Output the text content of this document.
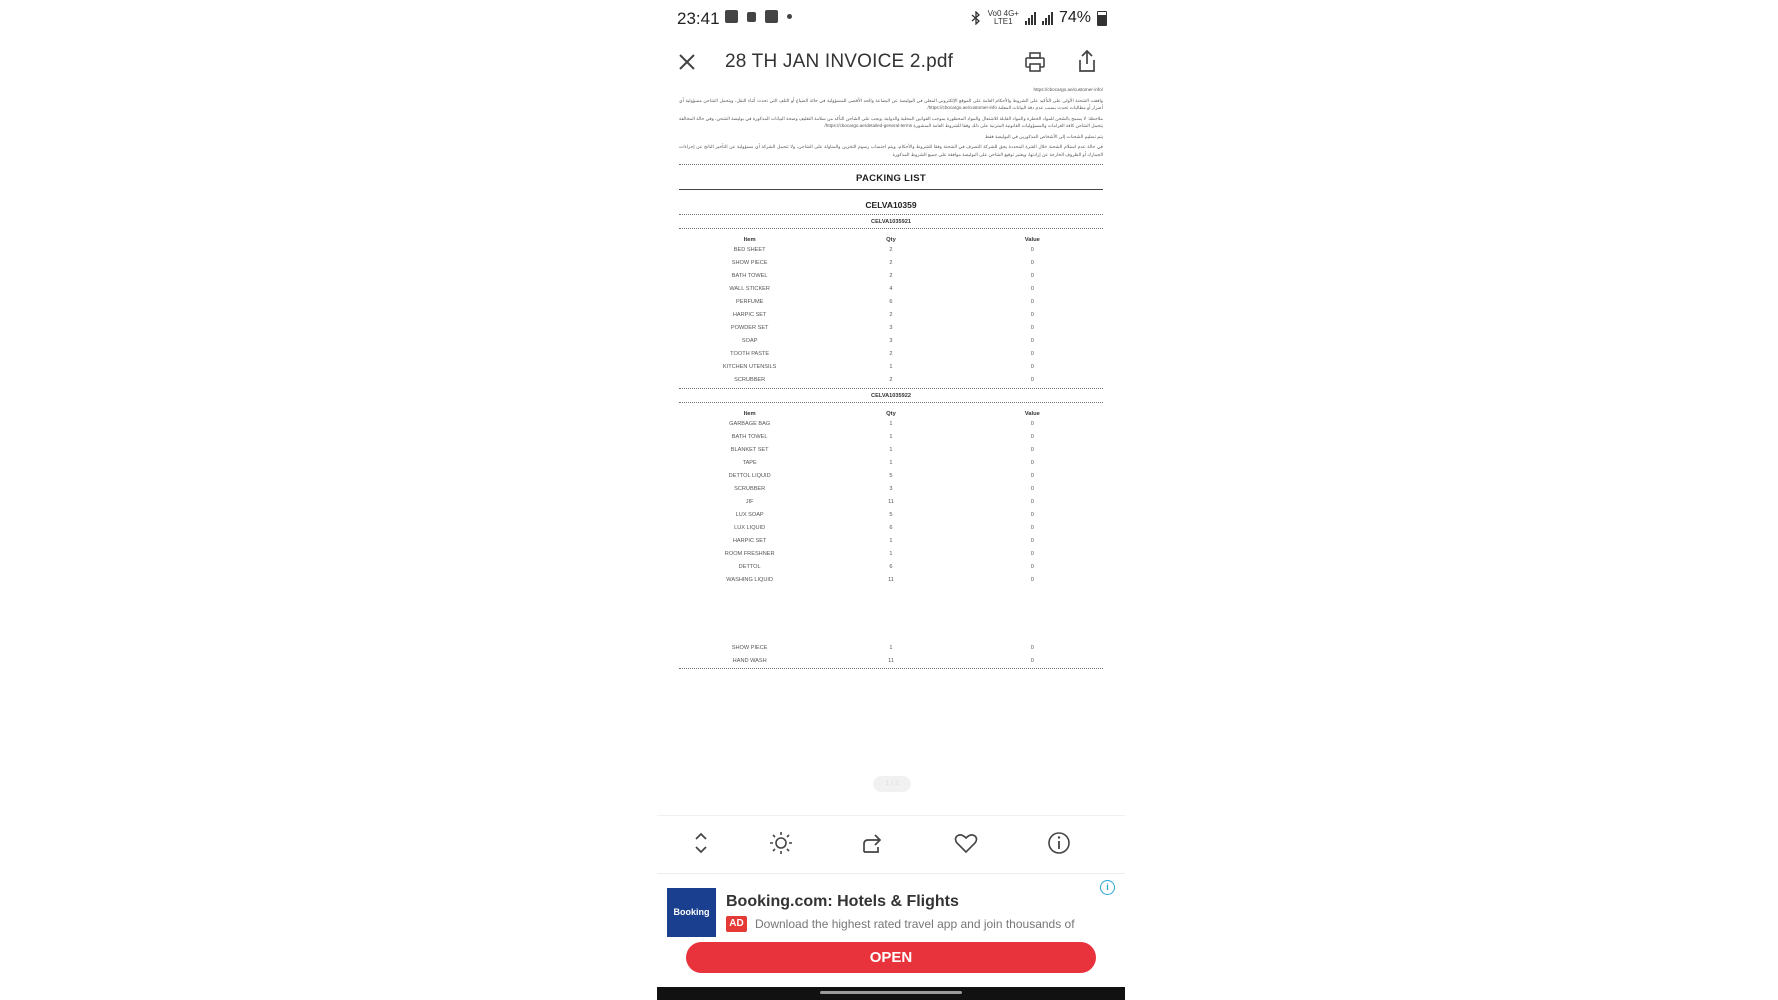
23:41	Vo0 4G+
LTE1	74%
28 TH JAN INVOICE 2.pdf

https://cbocargo.ae/customer-info/

وافقت الشحنة الأولى على التأكيد على الشروط والأحكام العامة على الموقع الإلكتروني المعلن في البوليصة عن البضاعة والحد الأقصى للمسؤولية في حالة الضياع أو التلف التي تحدث أثناء النقل، ويتحمل الشاحن مسؤولية أي أضرار أو مطالبات تحدث بسبب عدم دقة البيانات المعلنة https://cbocargo.ae/customer-info/

ملاحظة: لا يسمح بالشحن للمواد الخطرة والمواد القابلة للاشتعال والمواد المحظورة بموجب القوانين المحلية والدولية، ويجب على الشاحن التأكد من سلامة التغليف وصحة البيانات المذكورة في بوليصة الشحن، وفي حالة المخالفة يتحمل الشاحن كافة الغرامات والمسؤوليات القانونية المترتبة على ذلك وفقا للشروط العامة المنشورة https://cbocargo.ae/detailed-general-terms/

يتم تسليم الشحنات إلى الأشخاص المذكورين في البوليصة فقط

في حالة عدم استلام الشحنة خلال الفترة المحددة يحق للشركة التصرف في الشحنة وفقا للشروط والأحكام، ويتم احتساب رسوم التخزين والمناولة على الشاحن، ولا تتحمل الشركة أي مسؤولية عن التأخير الناتج عن إجراءات الجمارك أو الظروف الخارجة عن إرادتها، ويعتبر توقيع الشاحن على البوليصة موافقة على جميع الشروط المذكورة

PACKING LIST
CELVA10359
CELVA1035921
Item	Qty	Value
BED SHEET	2	0
SHOW PIECE	2	0
BATH TOWEL	2	0
WALL STICKER	4	0
PERFUME	6	0
HARPIC SET	2	0
POWDER SET	3	0
SOAP	3	0
TOOTH PASTE	2	0
KITCHEN UTENSILS	1	0
SCRUBBER	2	0
CELVA1035922
Item	Qty	Value
GARBAGE BAG	1	0
BATH TOWEL	1	0
BLANKET SET	1	0
TAPE	1	0
DETTOL LIQUID	5	0
SCRUBBER	3	0
JIF	11	0
LUX SOAP	5	0
LUX LIQUID	6	0
HARPIC SET	1	0
ROOM FRESHNER	1	0
DETTOL	6	0
WASHING LIQUID	11	0
SHOW PIECE	1	0
HAND WASH	11	0
1 / 2
Booking
Booking.com: Hotels & Flights
AD Download the highest rated travel app and join thousands of
i
OPEN
